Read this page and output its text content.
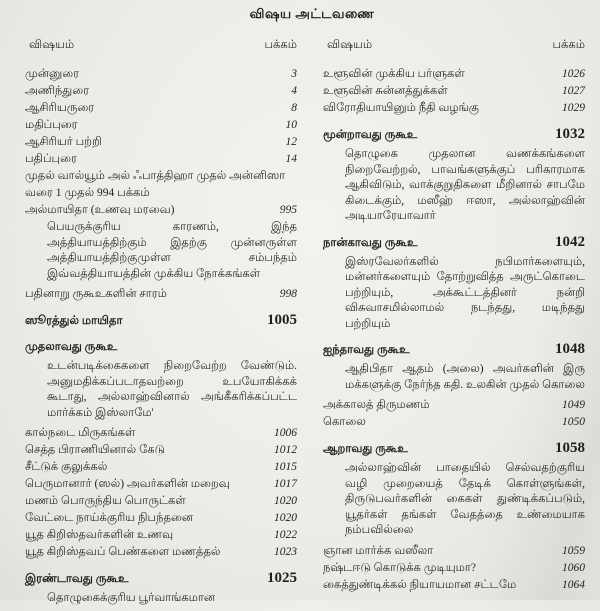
விஷய அட்டவணை
விஷயம்	பக்கம்
முன்னுரை	3
அணிந்துரை	4
ஆசிரியருரை	8
மதிப்புரை	10
ஆசிரியர் பற்றி	12
பதிப்புரை	14
முதல் வால்யூம் அல் ஃபாத்திஹா முதல் அன்னிஸா வரை 1 முதல் 994 பக்கம்
அல்மாயிதா (உணவு மரவை)	995
பெயருக்குரிய காரணம், இந்த அத்தியாயத்திற்கும் இதற்கு முன்னருள்ள அத்தியாயத்திற்குமுள்ள சம்பந்தம் இவ்வத்தியாயத்தின் முக்கிய நோக்கங்கள்
பதினாறு ருகூஉகளின் சாரம்	998
ஸூரத்துல் மாயிதா	1005
முதலாவது ருகூஉ
உடன்படிக்கைகளை நிறைவேற்ற வேண்டும். அனுமதிக்கப்படாதவற்றை உபயோகிக்கக் கூடாது, அல்லாஹ்வினால் அங்கீகரிக்கப்பட்ட மார்க்கம் இஸ்லாமே'
கால்நடை மிருகங்கள்	1006
செத்த பிராணியினால் கேடு	1012
சீட்டுக் குலுக்கல்	1015
பெருமானார் (ஸல்) அவர்களின் மறைவு	1017
மணம் பொருந்திய பொருட்கள்	1020
வேட்டை நாய்க்குரிய நிபந்தனை	1020
யூத கிறிஸ்தவர்களின் உணவு	1022
யூத கிறிஸ்தவப் பெண்களை மணத்தல்	1023
இரண்டாவது ருகூஉ	1025
தொழுகைக்குரிய பூர்வாங்கமான
விஷயம்	பக்கம்
உளூவின் முக்கிய பர்ளுகள்	1026
உளூவின் சுன்னத்துக்கள்	1027
விரோதியாயினும் நீதி வழங்கு	1029
மூன்றாவது ருகூஉ	1032
தொழுகை முதலான வணக்கங்களை நிறைவேற்றல், பாவங்களுக்குப் பரிகாரமாக ஆகிவிடும், வாக்குறுதிகளை மீறினால் சாபமே கிடைக்கும், மஸீஹ் ஈஸா, அல்லாஹ்வின் அடியாரேயாவார்
நான்காவது ருகூஉ	1042
இஸ்ரவேலர்களில் நபிமார்களையும், மன்னர்களையும் தோற்றுவித்த அருட்கொடை பற்றியும், அக்கூட்டத்தினர் நன்றி விசுவாசமில்லாமல் நடந்தது, மடிந்தது பற்றியும்
ஐந்தாவது ருகூஉ	1048
ஆதிபிதா ஆதம் (அலை) அவர்களின் இரு மக்களுக்கு நேர்ந்த கதி. உலகின் முதல் கொலை
அக்காலத் திருமணம்	1049
கொலை	1050
ஆறாவது ருகூஉ	1058
அல்லாஹ்வின் பாதையில் செல்வதற்குரிய வழி முறையைத் தேடிக் கொள்ளுங்கள், திருடுபவர்களின் கைகள் துண்டிக்கப்படும், யூதர்கள் தங்கள் வேதத்தை உண்மையாக நம்பவில்லை
ஞான மார்க்க வஸீலா	1059
நஷ்டஈடு கொடுக்க முடியுமா?	1060
கைத்துண்டிக்கல் நியாயமான சட்டமே	1064
